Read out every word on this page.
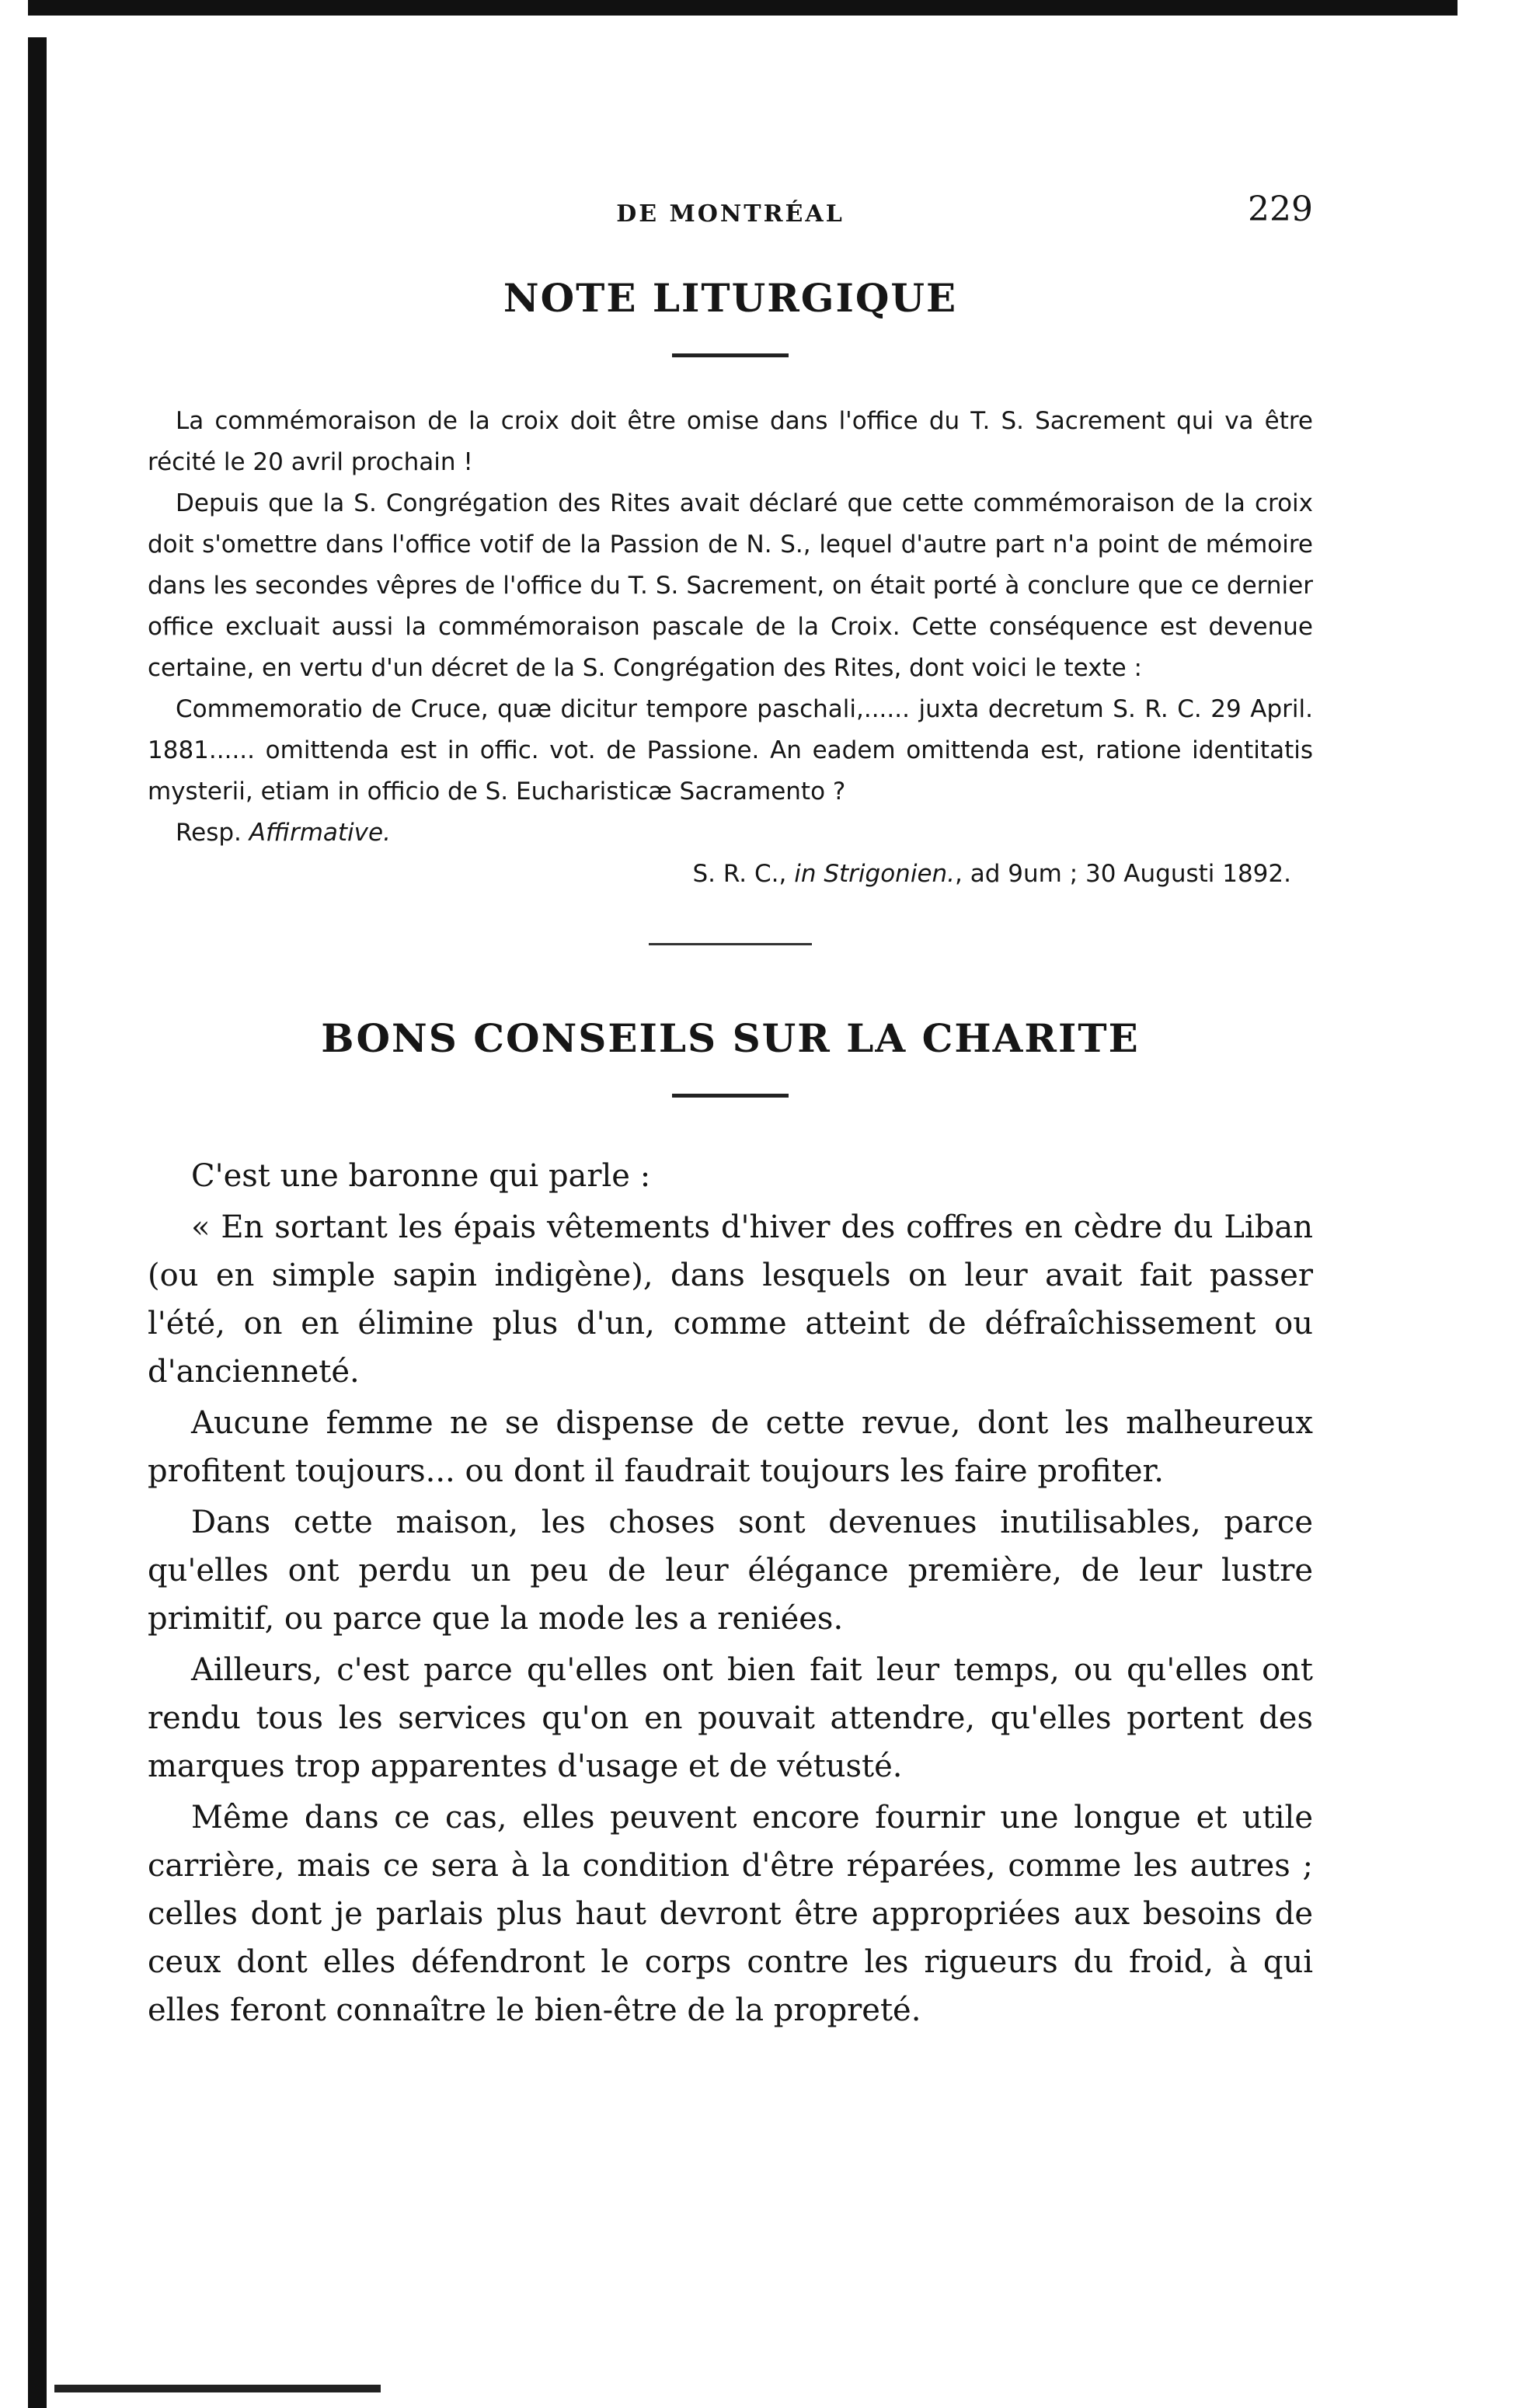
DE MONTRÉAL	229
NOTE LITURGIQUE

La commémoraison de la croix doit être omise dans l'office du T. S. Sacrement qui va être récité le 20 avril prochain !

Depuis que la S. Congrégation des Rites avait déclaré que cette commémoraison de la croix doit s'omettre dans l'office votif de la Passion de N. S., lequel d'autre part n'a point de mémoire dans les secondes vêpres de l'office du T. S. Sacrement, on était porté à conclure que ce dernier office excluait aussi la commémoraison pascale de la Croix. Cette conséquence est devenue certaine, en vertu d'un décret de la S. Congrégation des Rites, dont voici le texte :

Commemoratio de Cruce, quæ dicitur tempore paschali,...... juxta decretum S. R. C. 29 April. 1881...... omittenda est in offic. vot. de Passione. An eadem omittenda est, ratione identitatis mysterii, etiam in officio de S. Eucharisticæ Sacramento ?

Resp. Affirmative.

S. R. C., in Strigonien., ad 9um ; 30 Augusti 1892.

BONS CONSEILS SUR LA CHARITE

C'est une baronne qui parle :

« En sortant les épais vêtements d'hiver des coffres en cèdre du Liban (ou en simple sapin indigène), dans lesquels on leur avait fait passer l'été, on en élimine plus d'un, comme atteint de défraîchissement ou d'ancienneté.

Aucune femme ne se dispense de cette revue, dont les malheureux profitent toujours... ou dont il faudrait toujours les faire profiter.

Dans cette maison, les choses sont devenues inutilisables, parce qu'elles ont perdu un peu de leur élégance première, de leur lustre primitif, ou parce que la mode les a reniées.

Ailleurs, c'est parce qu'elles ont bien fait leur temps, ou qu'elles ont rendu tous les services qu'on en pouvait attendre, qu'elles portent des marques trop apparentes d'usage et de vétusté.

Même dans ce cas, elles peuvent encore fournir une longue et utile carrière, mais ce sera à la condition d'être réparées, comme les autres ; celles dont je parlais plus haut devront être appropriées aux besoins de ceux dont elles défendront le corps contre les rigueurs du froid, à qui elles feront connaître le bien-être de la propreté.
